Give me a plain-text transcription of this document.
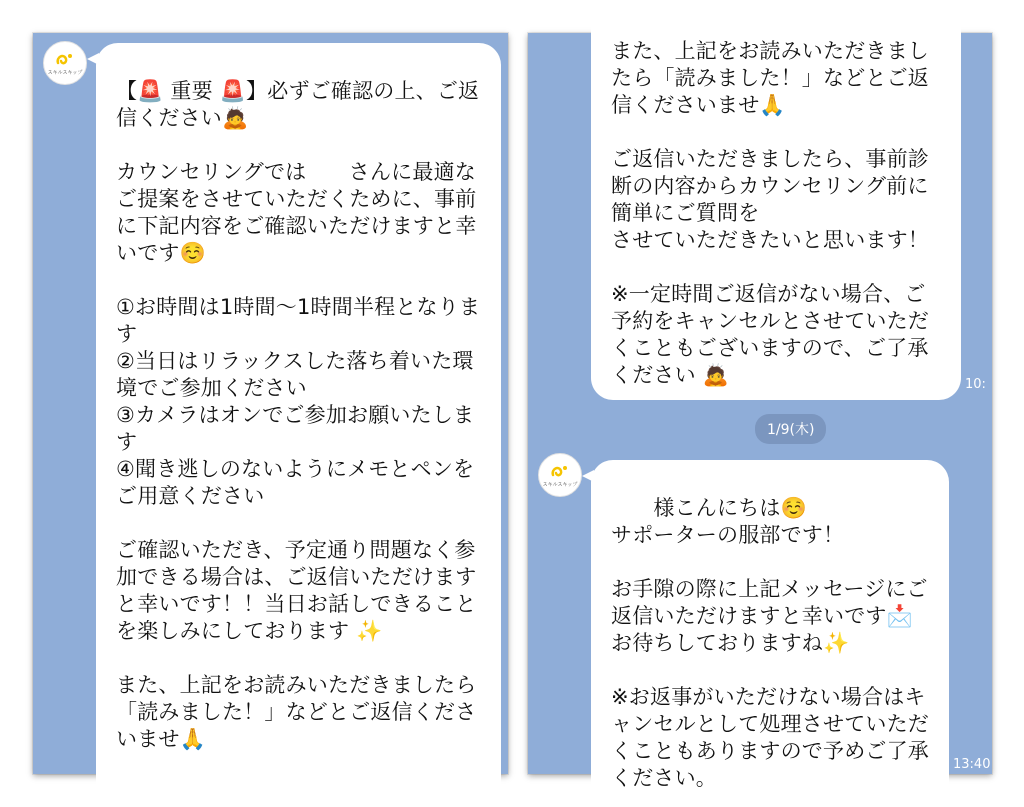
スキルスキップ

【🚨 重要 🚨】必ずご確認の上、ご返信ください🙇

カウンセリングでは　　さんに最適なご提案をさせていただくために、事前に下記内容をご確認いただけますと幸いです☺️

①お時間は1時間〜1時間半程となります
②当日はリラックスした落ち着いた環境でご参加ください
③カメラはオンでご参加お願いたします
④聞き逃しのないようにメモとペンをご用意ください

ご確認いただき、予定通り問題なく参加できる場合は、ご返信いただけますと幸いです！！当日お話しできることを楽しみにしております ✨

また、上記をお読みいただきましたら「読みました！」などとご返信くださいませ🙏

また、上記をお読みいただきましたら「読みました！」などとご返信くださいませ🙏

ご返信いただきましたら、事前診断の内容からカウンセリング前に簡単にご質問を
させていただきたいと思います！

※一定時間ご返信がない場合、ご予約をキャンセルとさせていただくこともございますので、ご了承ください 🙇	10:
1/9(木)
スキルスキップ

　　様こんにちは☺️
サポーターの服部です！

お手隙の際に上記メッセージにご返信いただけますと幸いです📩
お待ちしておりますね✨

※お返事がいただけない場合はキャンセルとして処理させていただくこともありますので予めご了承ください。

13:40
